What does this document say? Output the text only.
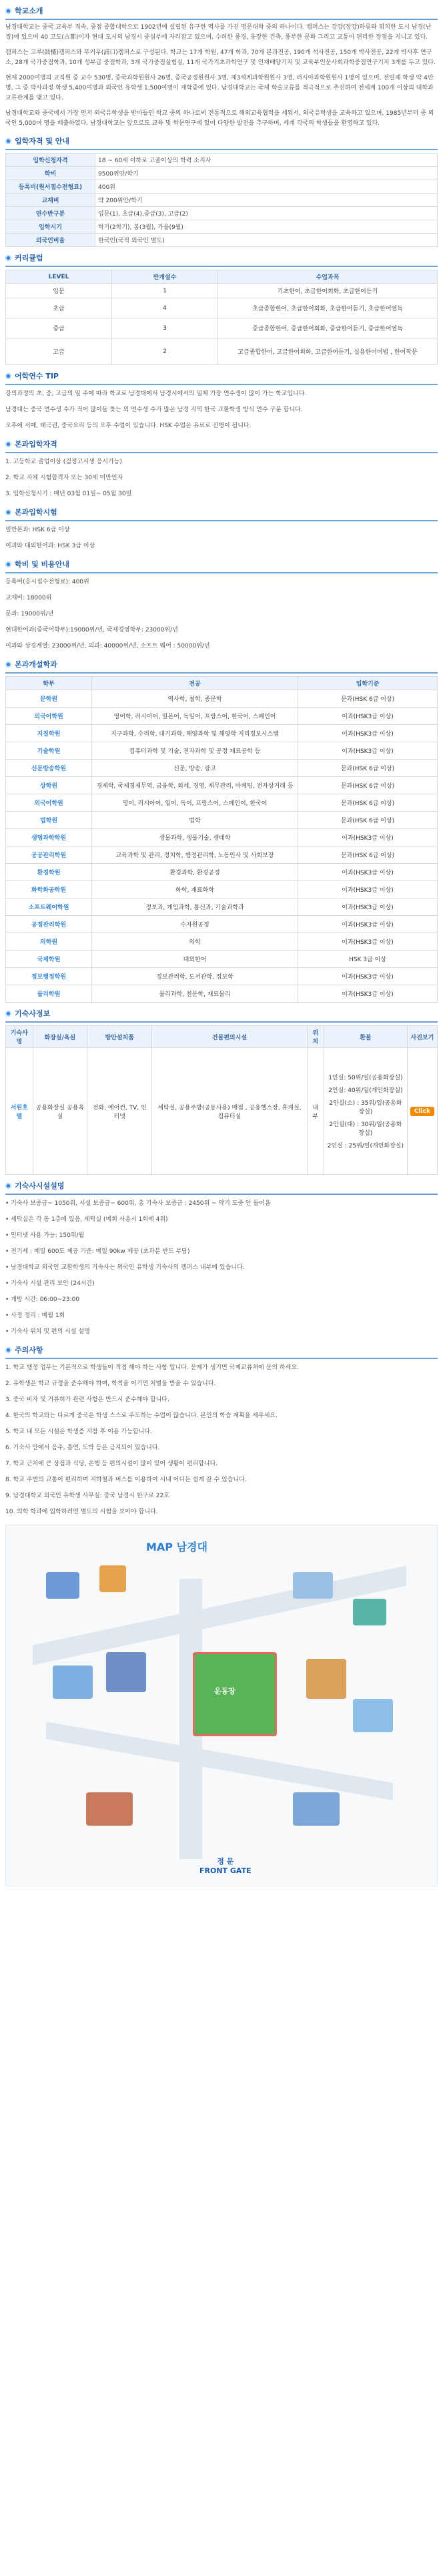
학교소개
남경대학교는 중국 교육부 직속, 중점 종합대학으로 1902년에 설립된 유구한 역사를 가진 명문대학 중의 하나이다. 캠퍼스는 강강(장강)하류와 위치한 도시 남경(난징)에 있으며 40 고도(古都)이자 현대 도시의 남경시 중심부에 자리잡고 있으며, 수려한 풍경, 웅장한 건축, 풍부한 문화 그리고 교통이 편리한 장점을 지니고 있다.
캠퍼스는 고루(鼓樓)캠퍼스와 푸커우(浦口)캠퍼스로 구성된다. 학교는 17개 학원, 47개 학과, 70개 본과전공, 190개 석사전공, 150개 박사전공, 22개 박사후 연구소, 28개 국가중점학과, 10개 성부급 중점학과, 3개 국가중점실험실, 11개 국가기초과학연구 및 인재배양기지 및 교육부인문사회과학중점연구기지 3개를 두고 있다.
현재 2000여명의 교직원 중 교수 530명, 중국과학원원사 26명, 중국공정원원사 3명, 제3세계과학원원사 3명, 러시아과학원원사 1명이 있으며, 전일제 학생 약 4만명, 그 중 박사과정 학생 5,400여명과 외국인 유학생 1,500여명이 재학중에 있다. 남경대학교는 국제 학술교류를 적극적으로 추진하여 전세계 100개 이상의 대학과 교류관계를 맺고 있다.
남경대학교와 중국에서 가장 먼저 외국유학생을 받아들인 학교 중의 하나로써 전통적으로 해외교육협력을 세워서, 외국유학생을 교육하고 있으며, 1985년부터 중 외국인 5,000여 명을 배출하였다. 남경대학교는 앞으로도 교육 및 학문연구에 있어 다양한 발전을 추구하며, 세계 각국의 학생들을 환영하고 있다.
입학자격 및 안내
입학신청자격	18 ~ 60세 이하로 고졸이상의 학력 소지자
학비	9500위안/학기
등록비(원서접수전형료)	400위
교재비	약 200위안/학기
연수반구분	입문(1), 초급(4),중급(3), 고급(2)
입학시기	학기(2학기), 봄(3월), 가을(9월)
외국인비율	한국인(국적 외국인 별도)
커리큘럼
LEVEL	반개설수	수업과목
입문	1	기초한어, 초급한어회화, 초급한어듣기
초급	4	초급종합한어, 초급한어회화, 초급한어듣기, 초급한어열독
중급	3	중급종합한어, 중급한어회화, 중급한어듣기, 중급한어열독
고급	2	고급종합한어, 고급한어회화, 고급한어듣기, 실용한어어법 , 한어작문
어학연수 TIP
강의과정의 초, 중, 고급의 일 주에 따라 학교로 남경대에서 남경시에서의 일체 가장 연수생이 많이 가는 학교입니다.
남경대는 중국 연수생 수가 적어 많이들 찾는 외 연수생 수가 많은 남경 지역 한국 교환학생 방식 연수 구분 합니다.
오후에 서예, 태극권, 중국요리 등의 오후 수업이 있습니다. HSK 수업은 유료로 진행이 됩니다.
본과입학자격
1. 고등학교 졸업이상 (검정고시생 응시가능)
2. 학교 자체 시험합격자 또는 30세 미만인자
3. 입학신청시기 : 매년 03월 01일~ 05월 30일
본과입학시험
일반본과: HSK 6급 이상
이과와 대외한어과: HSK 3급 이상
학비 및 비용안내
등록비(응시접수전형료): 400위
교재비: 18000위
문과: 19000위/년
현대한어과(중국어학부):19000위/년, 국제경영학부: 23000위/년
이과와 상경계열: 23000위/년, 의과: 40000위/년, 소프트 웨어 : 50000위/년
본과개설학과
학부	전공	입학기준
문학원	역사학, 철학, 종문학	문과(HSK 6급 이상)
외국어학원	영어학, 러시아어, 일본어, 독일어, 프랑스어, 한국어, 스페인어	이과(HSK3급 이상)
지질학원	지구과학, 수리학, 대기과학, 해양과학 및 해양학 지리정보시스템	이과(HSK3급 이상)
기술학원	컴퓨터과학 및 기술, 전자과학 및 공정 재료공학 등	이과(HSK3급 이상)
신문방송학원	신문, 방송, 광고	문과(HSK 6급 이상)
상학원	경제학, 국제경제무역, 금융학, 회계, 경영, 재무관리, 마케팅, 전자상거래 등	문과(HSK 6급 이상)
외국어학원	영어, 러시아어, 일어, 독어, 프랑스어, 스페인어, 한국어	문과(HSK 6급 이상)
법학원	법학	문과(HSK 6급 이상)
생명과학학원	생물과학, 생물기술, 생태학	이과(HSK3급 이상)
공공관리학원	교육과학 및 관리, 정치학, 행정관리학, 노동인사 및 사회보장	문과(HSK 6급 이상)
환경학원	환경과학, 환경공정	이과(HSK3급 이상)
화학화공학원	화학, 재료화학	이과(HSK3급 이상)
소프트웨어학원	정보과, 게임과학, 통신과, 기술과학과	이과(HSK3급 이상)
공정관리학원	수자원공정	이과(HSK3급 이상)
의학원	의학	이과(HSK3급 이상)
국제학원	대외한어	HSK 3급 이상
정보행정학원	정보관리학, 도서관학, 정보학	이과(HSK3급 이상)
물리학원	물리과학, 천문학, 재료물리	이과(HSK3급 이상)
기숙사정보
기숙사명	화장실/욕실	방안설치품	건물편의시설	위치	환불	사진보기
서원호텔	공용화장실 공용욕실	전화, 에어컨, TV, 인터넷	세탁실, 공용주방(공동사용) 매점 , 공용헬스장, 휴게실, 컴퓨터실	내부	1인실: 50위/일(공용화장실)
2인실: 40위/일(개인화장실)
2인실(소) : 35위/일(공용화장실)
2인실(대) : 30위/일(공용화장실)
2인실 : 25위/일(개인화장실)	Click
기숙사시설설명
• 기숙사 보증금~ 1050위, 시설 보증금~ 600위, 총 기숙사 보증금 : 2450위 ~ 약기 도중 안 들어옴
• 세탁실은 각 동 1층에 있음, 세탁실 (매회 사용시 1회에 4위)
• 인터넷 사용 가능: 150위/월
• 전기세 : 매일 600도 제공 기준: 매일 90kw 제공 (초과분 반드 부담)
• 남경대학교 외국인 교환학생의 기숙사는 외국인 유학생 기숙사의 캠퍼스 내부에 있습니다.
• 기숙사 시설 관리 보안 (24시간)
• 개방 시간: 06:00~23:00
• 사정 정리 : 매월 1회
• 기숙사 위치 및 편의 시설 설명
주의사항
1. 학교 행정 업무는 기본적으로 학생들이 직접 해야 하는 사항 입니다. 문제가 생기면 국제교류처에 문의 하세요.
2. 유학생은 학교 규정을 준수해야 하며, 학칙을 어기면 처벌을 받을 수 있습니다.
3. 중국 비자 및 거류허가 관련 사항은 반드시 준수해야 합니다.
4. 한국의 학교와는 다르게 중국은 학생 스스로 주도하는 수업이 많습니다. 본인의 학습 계획을 세우세요.
5. 학교 내 모든 시설은 학생증 지참 후 이용 가능합니다.
6. 기숙사 안에서 음주, 흡연, 도박 등은 금지되어 있습니다.
7. 학교 근처에 큰 상점과 식당, 은행 등 편의시설이 많이 있어 생활이 편리합니다.
8. 학교 주변의 교통이 편리하며 지하철과 버스를 이용하여 시내 어디든 쉽게 갈 수 있습니다.
9. 남경대학교 외국인 유학생 사무실: 중국 남경시 한구로 22호
10. 의학 학과에 입학하려면 별도의 시험을 보아야 합니다.
MAP 남경대
운동장
정 문
FRONT GATE
